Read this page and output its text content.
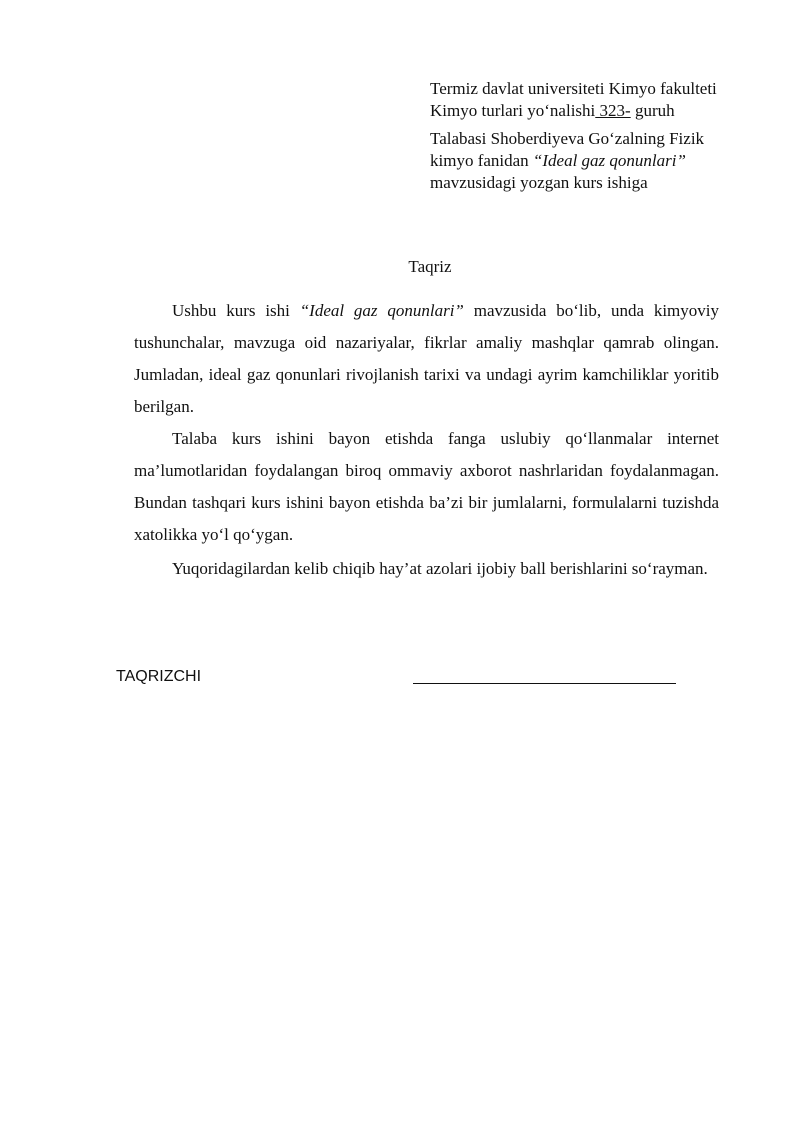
Termiz davlat universiteti Kimyo fakulteti Kimyo turlari yo‘nalishi 323- guruh

Talabasi Shoberdiyeva Go‘zalning Fizik kimyo fanidan “Ideal gaz qonunlari” mavzusidagi yozgan kurs ishiga

Taqriz

Ushbu kurs ishi “Ideal gaz qonunlari” mavzusida bo‘lib, unda kimyoviy tushunchalar, mavzuga oid nazariyalar, fikrlar amaliy mashqlar qamrab olingan. Jumladan, ideal gaz qonunlari rivojlanish tarixi va undagi ayrim kamchiliklar yoritib berilgan.

Talaba kurs ishini bayon etishda fanga uslubiy qo‘llanmalar internet ma’lumotlaridan foydalangan biroq ommaviy axborot nashrlaridan foydalanmagan. Bundan tashqari kurs ishini bayon etishda ba’zi bir jumlalarni, formulalarni tuzishda xatolikka yo‘l qo‘ygan.

Yuqoridagilardan kelib chiqib hay’at azolari ijobiy ball berishlarini so‘rayman.
TAQRIZCHI
